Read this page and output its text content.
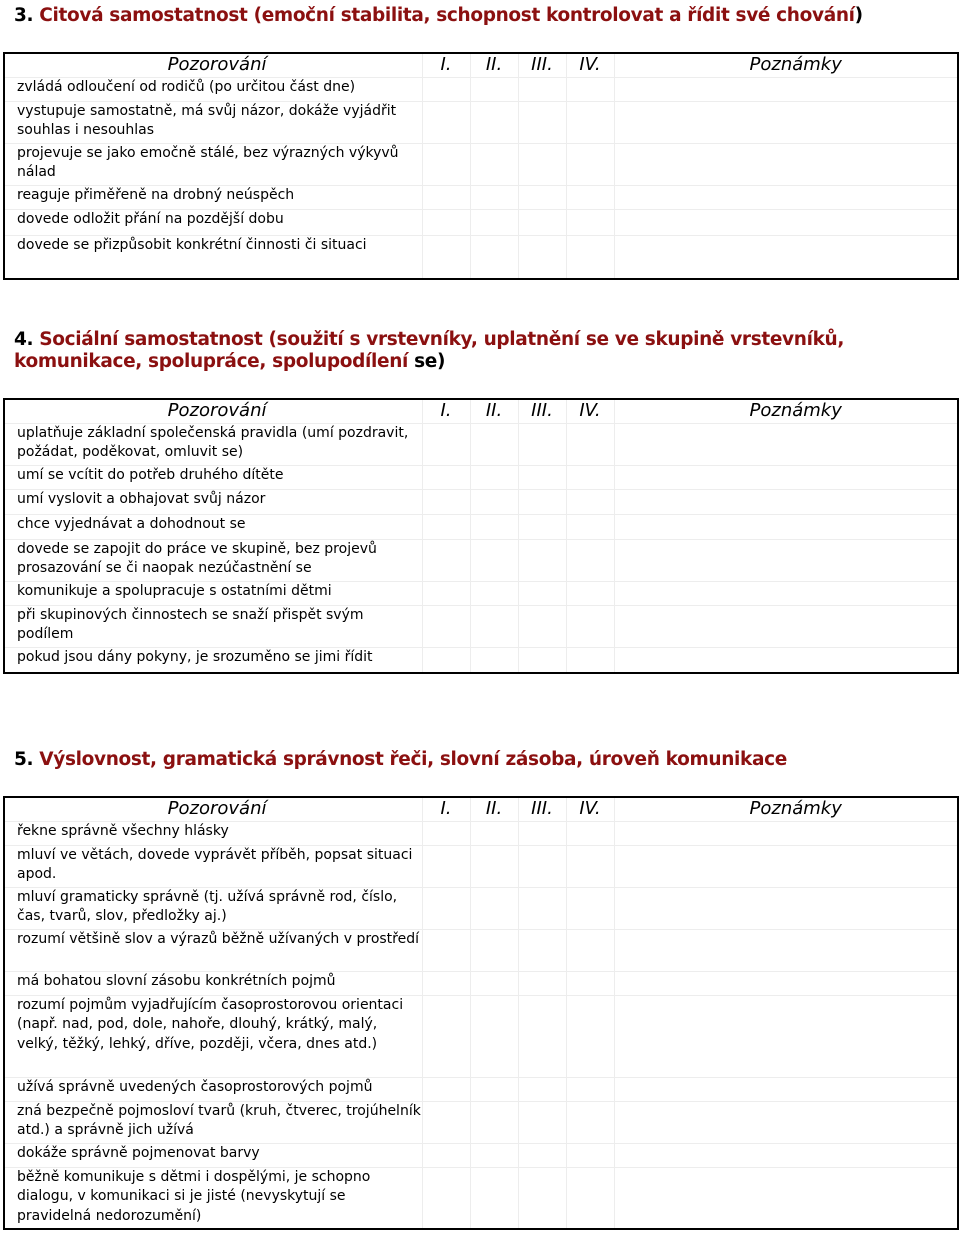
3. Citová samostatnost (emoční stabilita, schopnost kontrolovat a řídit své chování)
Pozorování	I.	II.	III.	IV.	Poznámky
zvládá odloučení od rodičů (po určitou část dne)					
vystupuje samostatně, má svůj názor, dokáže vyjádřit souhlas i nesouhlas					
projevuje se jako emočně stálé, bez výrazných výkyvů nálad					
reaguje přiměřeně na drobný neúspěch					
dovede odložit přání na pozdější dobu					
dovede se přizpůsobit konkrétní činnosti či situaci					
4. Sociální samostatnost (soužití s vrstevníky, uplatnění se ve skupině vrstevníků, komunikace, spolupráce, spolupodílení se)
Pozorování	I.	II.	III.	IV.	Poznámky
uplatňuje základní společenská pravidla (umí pozdravit, požádat, poděkovat, omluvit se)					
umí se vcítit do potřeb druhého dítěte					
umí vyslovit a obhajovat svůj názor					
chce vyjednávat a dohodnout se					
dovede se zapojit do práce ve skupině, bez projevů prosazování se či naopak nezúčastnění se					
komunikuje a spolupracuje s ostatními dětmi					
při skupinových činnostech se snaží přispět svým podílem					
pokud jsou dány pokyny, je srozuměno se jimi řídit					
5. Výslovnost, gramatická správnost řeči, slovní zásoba, úroveň komunikace
Pozorování	I.	II.	III.	IV.	Poznámky
řekne správně všechny hlásky					
mluví ve větách, dovede vyprávět příběh, popsat situaci apod.					
mluví gramaticky správně (tj. užívá správně rod, číslo, čas, tvarů, slov, předložky aj.)					
rozumí většině slov a výrazů běžně užívaných v prostředí					
má bohatou slovní zásobu konkrétních pojmů					
rozumí pojmům vyjadřujícím časoprostorovou orientaci (např. nad, pod, dole, nahoře, dlouhý, krátký, malý, velký, těžký, lehký, dříve, později, včera, dnes atd.)					
užívá správně uvedených časoprostorových pojmů					
zná bezpečně pojmosloví tvarů (kruh, čtverec, trojúhelník atd.) a správně jich užívá					
dokáže správně pojmenovat barvy					
běžně komunikuje s dětmi i dospělými, je schopno dialogu, v komunikaci si je jisté (nevyskytují se pravidelná nedorozumění)					
